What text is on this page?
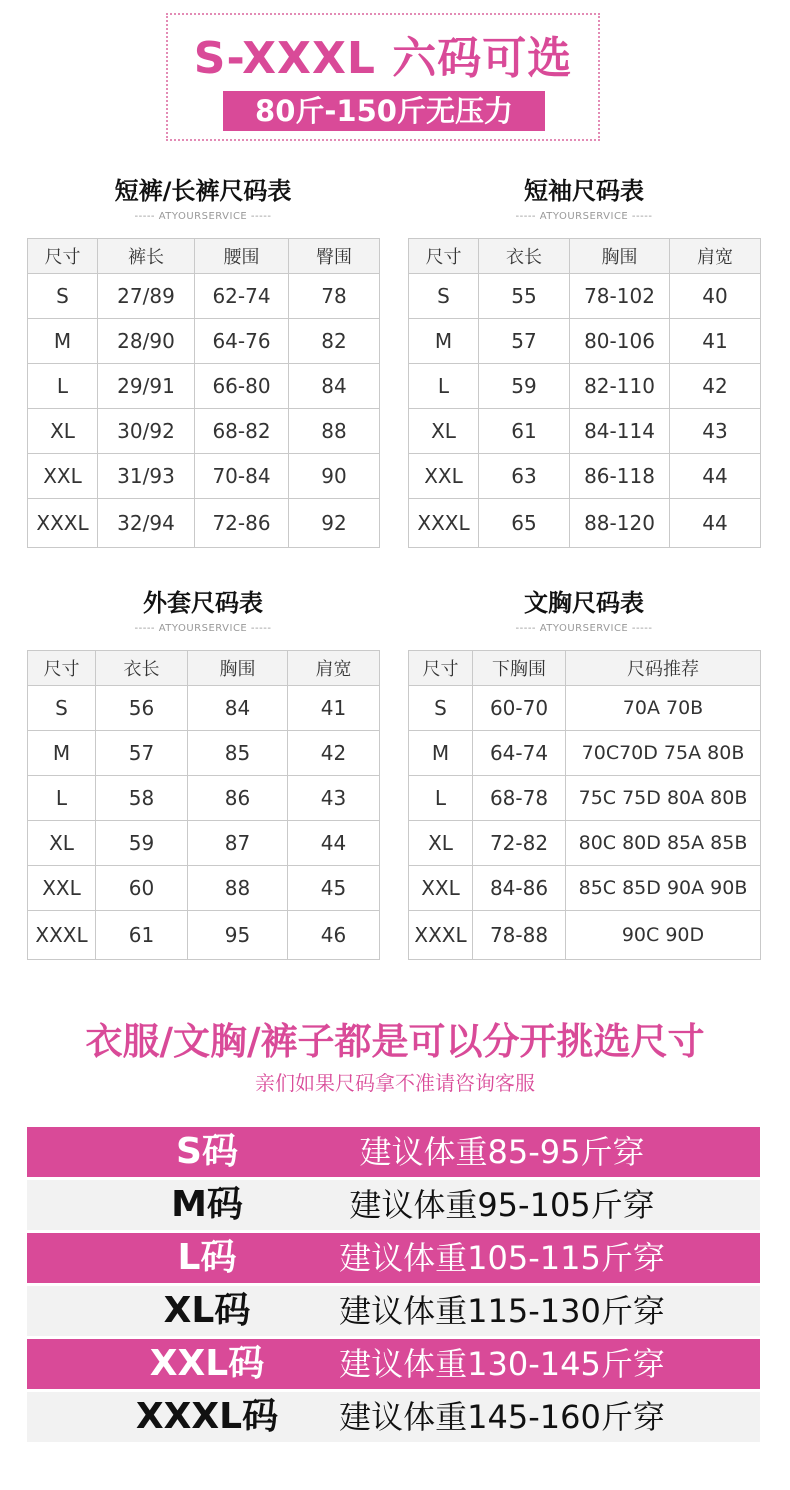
S-XXXL 六码可选
80斤-150斤无压力
短裤/长裤尺码表
----- ATYOURSERVICE -----
尺寸	裤长	腰围	臀围
S	27/89	62-74	78
M	28/90	64-76	82
L	29/91	66-80	84
XL	30/92	68-82	88
XXL	31/93	70-84	90
XXXL	32/94	72-86	92
短袖尺码表
----- ATYOURSERVICE -----
尺寸	衣长	胸围	肩宽
S	55	78-102	40
M	57	80-106	41
L	59	82-110	42
XL	61	84-114	43
XXL	63	86-118	44
XXXL	65	88-120	44
外套尺码表
----- ATYOURSERVICE -----
尺寸	衣长	胸围	肩宽
S	56	84	41
M	57	85	42
L	58	86	43
XL	59	87	44
XXL	60	88	45
XXXL	61	95	46
文胸尺码表
----- ATYOURSERVICE -----
尺寸	下胸围	尺码推荐
S	60-70	70A 70B
M	64-74	70C70D 75A 80B
L	68-78	75C 75D 80A 80B
XL	72-82	80C 80D 85A 85B
XXL	84-86	85C 85D 90A 90B
XXXL	78-88	90C 90D
衣服/文胸/裤子都是可以分开挑选尺寸
亲们如果尺码拿不准请咨询客服
S码	建议体重85-95斤穿
M码	建议体重95-105斤穿
L码	建议体重105-115斤穿
XL码	建议体重115-130斤穿
XXL码	建议体重130-145斤穿
XXXL码	建议体重145-160斤穿
